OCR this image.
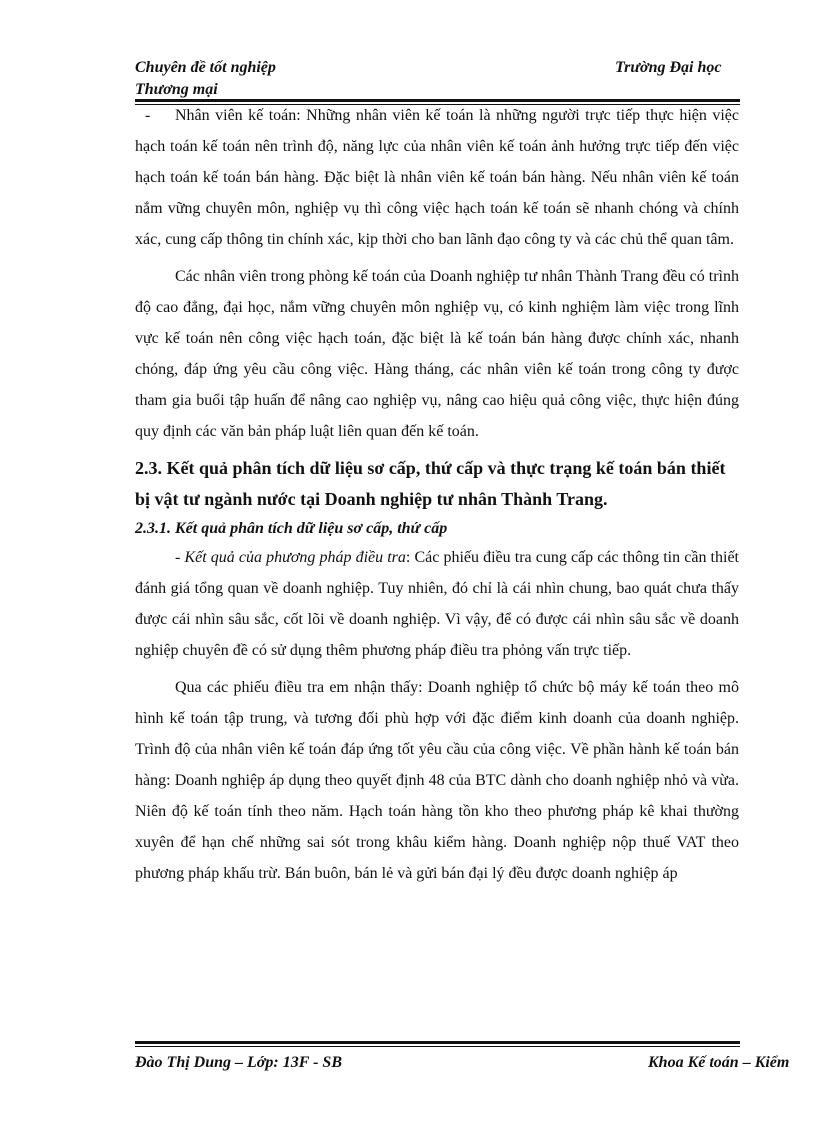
Chuyên đề tốt nghiệp
Thương mại
Trường Đại học

- Nhân viên kế toán: Những nhân viên kế toán là những người trực tiếp thực hiện việc hạch toán kế toán nên trình độ, năng lực của nhân viên kế toán ảnh hưởng trực tiếp đến việc hạch toán kế toán bán hàng. Đặc biệt là nhân viên kế toán bán hàng. Nếu nhân viên kế toán nắm vững chuyên môn, nghiệp vụ thì công việc hạch toán kế toán sẽ nhanh chóng và chính xác, cung cấp thông tin chính xác, kịp thời cho ban lãnh đạo công ty và các chủ thể quan tâm.

Các nhân viên trong phòng kế toán của Doanh nghiệp tư nhân Thành Trang đều có trình độ cao đẳng, đại học, nắm vững chuyên môn nghiệp vụ, có kinh nghiệm làm việc trong lĩnh vực kế toán nên công việc hạch toán, đặc biệt là kế toán bán hàng được chính xác, nhanh chóng, đáp ứng yêu cầu công việc. Hàng tháng, các nhân viên kế toán trong công ty được tham gia buổi tập huấn để nâng cao nghiệp vụ, nâng cao hiệu quả công việc, thực hiện đúng quy định các văn bản pháp luật liên quan đến kế toán.

2.3. Kết quả phân tích dữ liệu sơ cấp, thứ cấp và thực trạng kế toán bán thiết bị vật tư ngành nước tại Doanh nghiệp tư nhân Thành Trang.

2.3.1. Kết quả phân tích dữ liệu sơ cấp, thứ cấp

- Kết quả của phương pháp điều tra: Các phiếu điều tra cung cấp các thông tin cần thiết đánh giá tổng quan về doanh nghiệp. Tuy nhiên, đó chỉ là cái nhìn chung, bao quát chưa thấy được cái nhìn sâu sắc, cốt lõi về doanh nghiệp. Vì vậy, để có được cái nhìn sâu sắc về doanh nghiệp chuyên đề có sử dụng thêm phương pháp điều tra phỏng vấn trực tiếp.

Qua các phiếu điều tra em nhận thấy: Doanh nghiệp tổ chức bộ máy kế toán theo mô hình kế toán tập trung, và tương đối phù hợp với đặc điểm kinh doanh của doanh nghiệp. Trình độ của nhân viên kế toán đáp ứng tốt yêu cầu của công việc. Về phần hành kế toán bán hàng: Doanh nghiệp áp dụng theo quyết định 48 của BTC dành cho doanh nghiệp nhỏ và vừa. Niên độ kế toán tính theo năm. Hạch toán hàng tồn kho theo phương pháp kê khai thường xuyên để hạn chế những sai sót trong khâu kiểm hàng. Doanh nghiệp nộp thuế VAT theo phương pháp khấu trừ. Bán buôn, bán lẻ và gửi bán đại lý đều được doanh nghiệp áp

Đào Thị Dung – Lớp: 13F - SB	Khoa Kế toán – Kiểm
